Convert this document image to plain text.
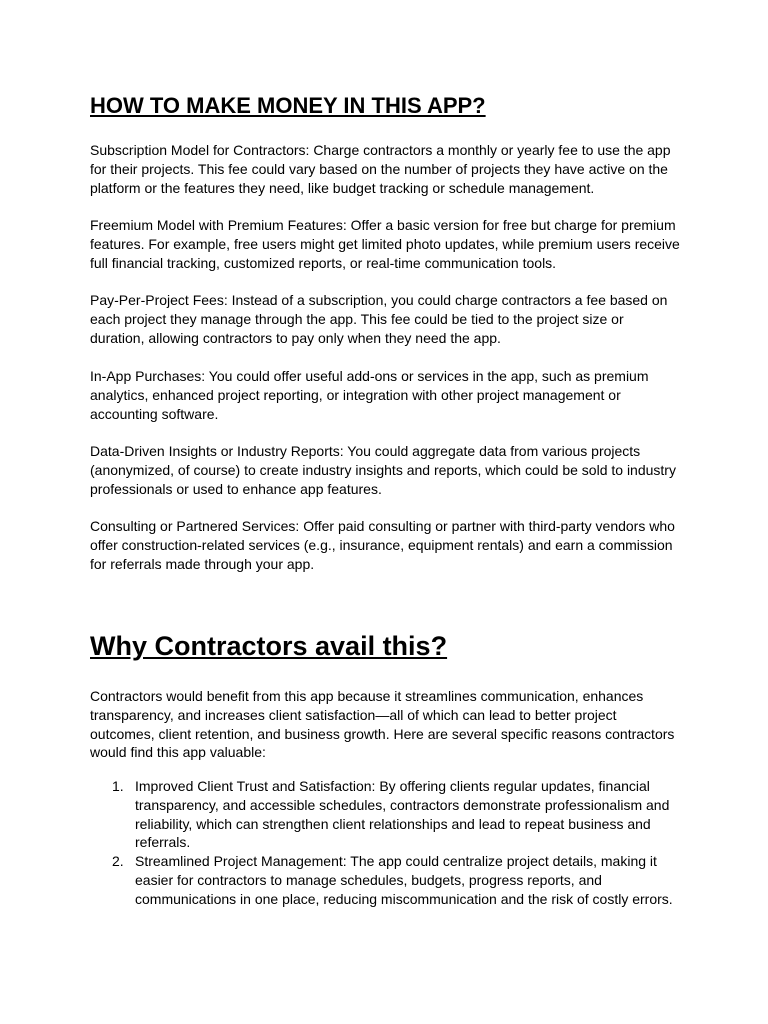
HOW TO MAKE MONEY IN THIS APP?

Subscription Model for Contractors: Charge contractors a monthly or yearly fee to use the app for their projects. This fee could vary based on the number of projects they have active on the platform or the features they need, like budget tracking or schedule management.

Freemium Model with Premium Features: Offer a basic version for free but charge for premium features. For example, free users might get limited photo updates, while premium users receive full financial tracking, customized reports, or real-time communication tools.

Pay-Per-Project Fees: Instead of a subscription, you could charge contractors a fee based on each project they manage through the app. This fee could be tied to the project size or duration, allowing contractors to pay only when they need the app.

In-App Purchases: You could offer useful add-ons or services in the app, such as premium analytics, enhanced project reporting, or integration with other project management or accounting software.

Data-Driven Insights or Industry Reports: You could aggregate data from various projects (anonymized, of course) to create industry insights and reports, which could be sold to industry professionals or used to enhance app features.

Consulting or Partnered Services: Offer paid consulting or partner with third-party vendors who offer construction-related services (e.g., insurance, equipment rentals) and earn a commission for referrals made through your app.

Why Contractors avail this?

Contractors would benefit from this app because it streamlines communication, enhances transparency, and increases client satisfaction—all of which can lead to better project outcomes, client retention, and business growth. Here are several specific reasons contractors would find this app valuable:

1. Improved Client Trust and Satisfaction: By offering clients regular updates, financial transparency, and accessible schedules, contractors demonstrate professionalism and reliability, which can strengthen client relationships and lead to repeat business and referrals.
2. Streamlined Project Management: The app could centralize project details, making it easier for contractors to manage schedules, budgets, progress reports, and communications in one place, reducing miscommunication and the risk of costly errors.
